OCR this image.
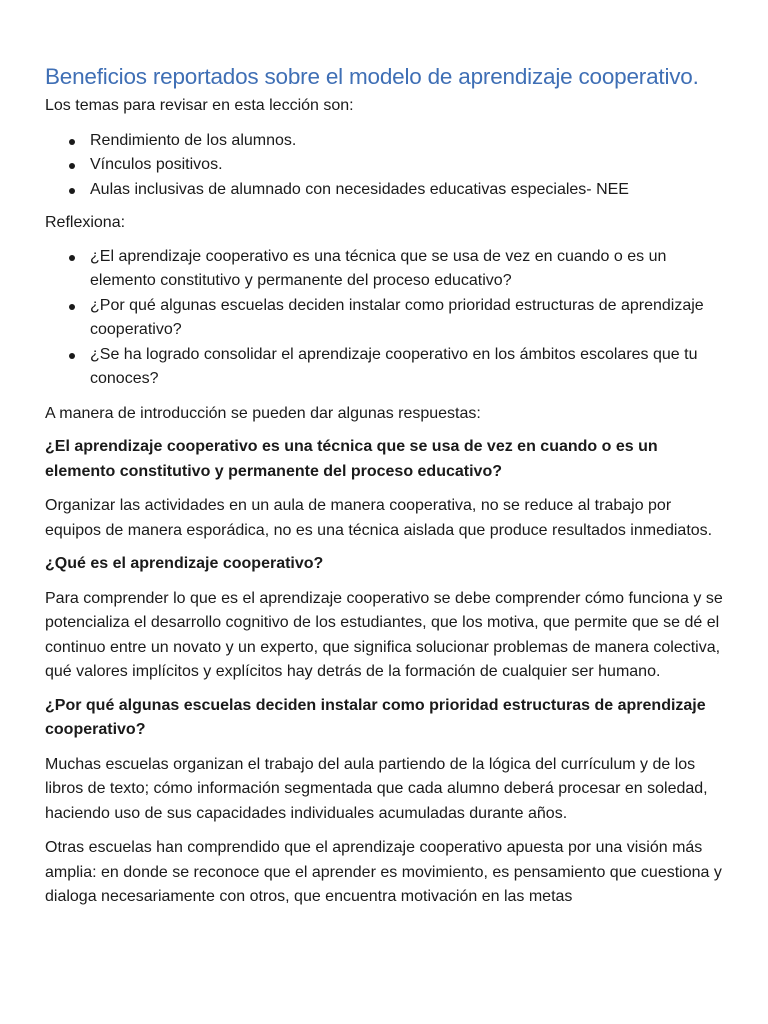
Beneficios reportados sobre el modelo de aprendizaje cooperativo.

Los temas para revisar en esta lección son:

Rendimiento de los alumnos.
Vínculos positivos.
Aulas inclusivas de alumnado con necesidades educativas especiales- NEE

Reflexiona:

¿El aprendizaje cooperativo es una técnica que se usa de vez en cuando o es un elemento constitutivo y permanente del proceso educativo?
¿Por qué algunas escuelas deciden instalar como prioridad estructuras de aprendizaje cooperativo?
¿Se ha logrado consolidar el aprendizaje cooperativo en los ámbitos escolares que tu conoces?

A manera de introducción se pueden dar algunas respuestas:

¿El aprendizaje cooperativo es una técnica que se usa de vez en cuando o es un elemento constitutivo y permanente del proceso educativo?

Organizar las actividades en un aula de manera cooperativa, no se reduce al trabajo por equipos de manera esporádica, no es una técnica aislada que produce resultados inmediatos.

¿Qué es el aprendizaje cooperativo?

Para comprender lo que es el aprendizaje cooperativo se debe comprender cómo funciona y se potencializa el desarrollo cognitivo de los estudiantes, que los motiva, que permite que se dé el continuo entre un novato y un experto, que significa solucionar problemas de manera colectiva, qué valores implícitos y explícitos hay detrás de la formación de cualquier ser humano.

¿Por qué algunas escuelas deciden instalar como prioridad estructuras de aprendizaje cooperativo?

Muchas escuelas organizan el trabajo del aula partiendo de la lógica del currículum y de los libros de texto; cómo información segmentada que cada alumno deberá procesar en soledad, haciendo uso de sus capacidades individuales acumuladas durante años.

Otras escuelas han comprendido que el aprendizaje cooperativo apuesta por una visión más amplia: en donde se reconoce que el aprender es movimiento, es pensamiento que cuestiona y dialoga necesariamente con otros, que encuentra motivación en las metas
